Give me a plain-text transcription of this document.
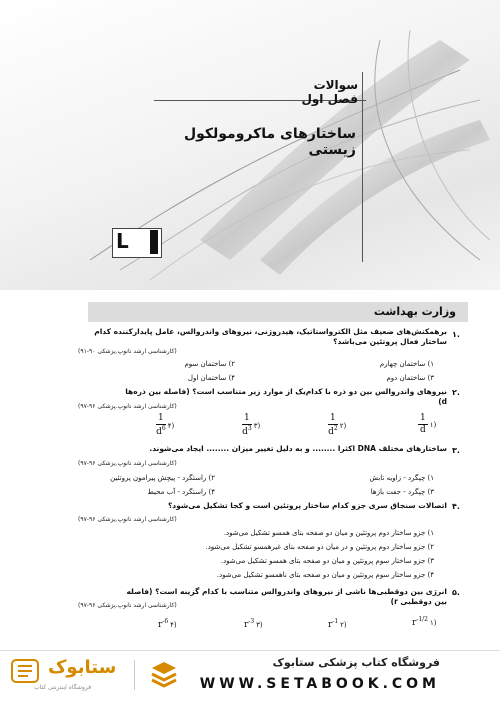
سوالات فصل اول
ساختارهای ماکرومولکول زیستی
L
وزارت بهداشت
۱.
برهمکنش‌های ضعیف مثل الکترواستاتیک، هیدروژنی، نیروهای واندروالس، عامل پایدارکننده کدام ساختار فعال پروتئین می‌باشد؟
(کارشناسی ارشد نانوپ.پزشکی ۹۰-۹۱)
۱) ساختمان چهارم
۲) ساختمان سوم
۳) ساختمان دوم
۴) ساختمان اول
۲.
نیروهای واندروالس بین دو ذره با کدام‌یک از موارد زیر متناسب است؟ (فاصله بین ذره‌ها d)
(کارشناسی ارشد نانوپ.پزشکی ۹۶-۹۷)
$\frac{1}{d}$ ۱)
$\frac{1}{d^2}$ ۲)
$\frac{1}{d^3}$ ۳)
$\frac{1}{d^6}$ ۴)
۳.
ساختارهای مختلف DNA اکثرا ........ و به دلیل تغییر میزان ........ ایجاد می‌شوند.
(کارشناسی ارشد نانوپ.پزشکی ۹۶-۹۷)
۱) چپگرد - زاویه تابش
۲) راستگرد - پیچش پیرامون پروتئین
۳) چپگرد - جفت بازها
۴) راستگرد - آب محیط
۴.
اتصالات سنجاق سری جزو کدام ساختار پروتئین است و کجا تشکیل می‌شود؟
(کارشناسی ارشد نانوپ.پزشکی ۹۶-۹۷)
۱) جزو ساختار دوم پروتئین و میان دو صفحه بتای همسو تشکیل می‌شود.
۲) جزو ساختار دوم پروتئین و در میان دو صفحه بتای غیرهمسو تشکیل می‌شود.
۳) جزو ساختار سوم پروتئین و میان دو صفحه بتای همسو تشکیل می‌شود.
۴) جزو ساختار سوم پروتئین و میان دو صفحه بتای ناهمسو تشکیل می‌شود.
۵.
انرژی بین دوقطبی‌ها ناشی از نیروهای واندروالس متناسب با کدام گزینه است؟ (فاصله بین دوقطبی r)
(کارشناسی ارشد نانوپ.پزشکی ۹۶-۹۷)
$r^{-1/2}$ ۱)
$r^{-1}$ ۲)
$r^{-3}$ ۳)
$r^{-6}$ ۴)
ستابوک
فروشگاه اینترنتی کتاب
فروشگاه کتاب پزشکی ستابوک
WWW.SETABOOK.COM
